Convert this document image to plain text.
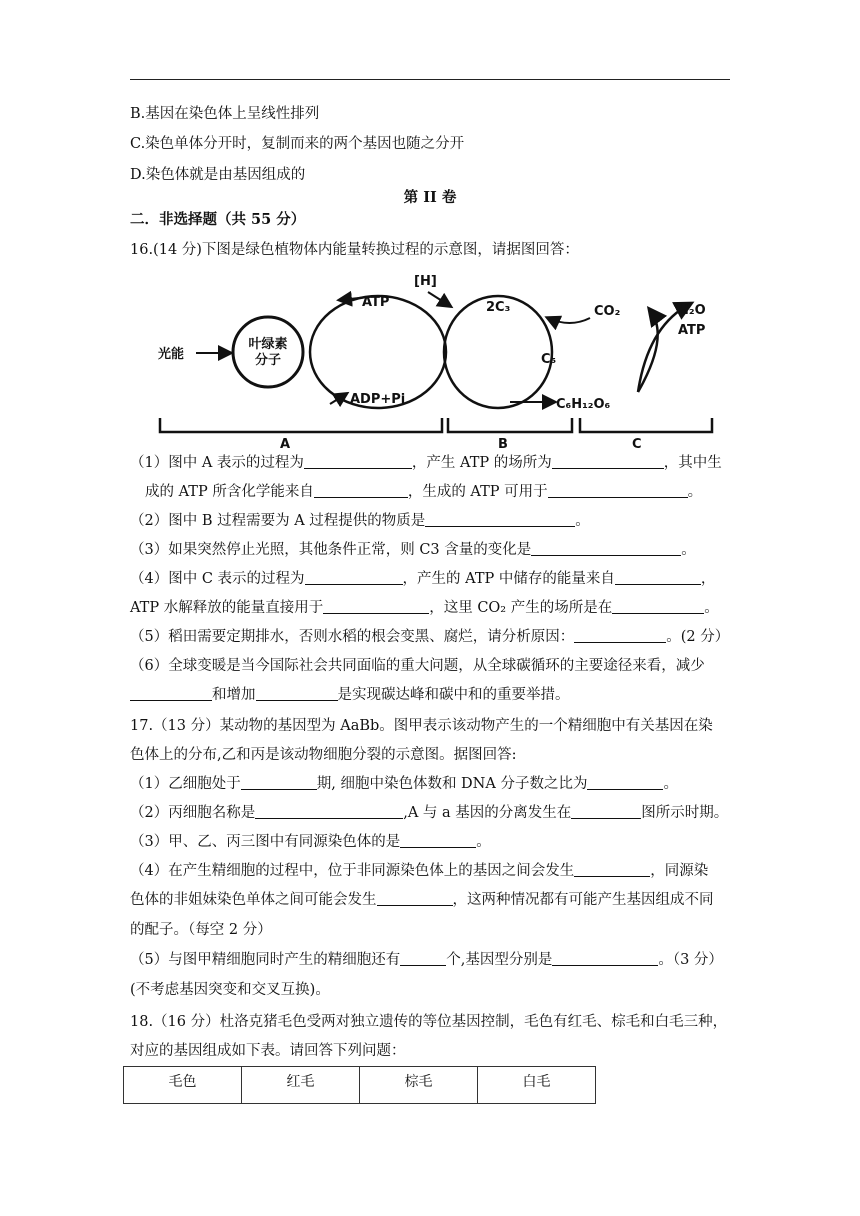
B.基因在染色体上呈线性排列
C.染色单体分开时，复制而来的两个基因也随之分开
D.染色体就是由基因组成的
第 II 卷
二．非选择题（共 55 分）
16.(14 分)下图是绿色植物体内能量转换过程的示意图，请据图回答：
光能
叶绿素
分子
ATP
ADP+Pi
[H]
2C₃
C₅
C₆H₁₂O₆
CO₂	H₂O
ATP
A	B	C
（1）图中 A 表示的过程为	，产生 ATP 的场所为	，其中生
成的 ATP 所含化学能来自	，生成的 ATP 可用于	。
（2）图中 B 过程需要为 A 过程提供的物质是	。
（3）如果突然停止光照，其他条件正常，则 C3 含量的变化是	。
（4）图中 C 表示的过程为	，产生的 ATP 中储存的能量来自	，
ATP 水解释放的能量直接用于	，这里 CO₂ 产生的场所是在	。
（5）稻田需要定期排水，否则水稻的根会变黑、腐烂，请分析原因：	。(2 分）
（6）全球变暖是当今国际社会共同面临的重大问题，从全球碳循环的主要途径来看，减少
和增加	是实现碳达峰和碳中和的重要举措。
17.（13 分）某动物的基因型为 AaBb。图甲表示该动物产生的一个精细胞中有关基因在染
色体上的分布,乙和丙是该动物细胞分裂的示意图。据图回答:
（1）乙细胞处于	期, 细胞中染色体数和 DNA 分子数之比为	。
（2）丙细胞名称是	,A 与 a 基因的分离发生在	图所示时期。
（3）甲、乙、丙三图中有同源染色体的是	。
（4）在产生精细胞的过程中，位于非同源染色体上的基因之间会发生	，同源染
色体的非姐妹染色单体之间可能会发生	，这两种情况都有可能产生基因组成不同
的配子。（每空 2 分）
（5）与图甲精细胞同时产生的精细胞还有	个,基因型分别是	。（3 分）
(不考虑基因突变和交叉互换)。
18.（16 分）杜洛克猪毛色受两对独立遗传的等位基因控制，毛色有红毛、棕毛和白毛三种，
对应的基因组成如下表。请回答下列问题：
毛色	红毛	棕毛	白毛
